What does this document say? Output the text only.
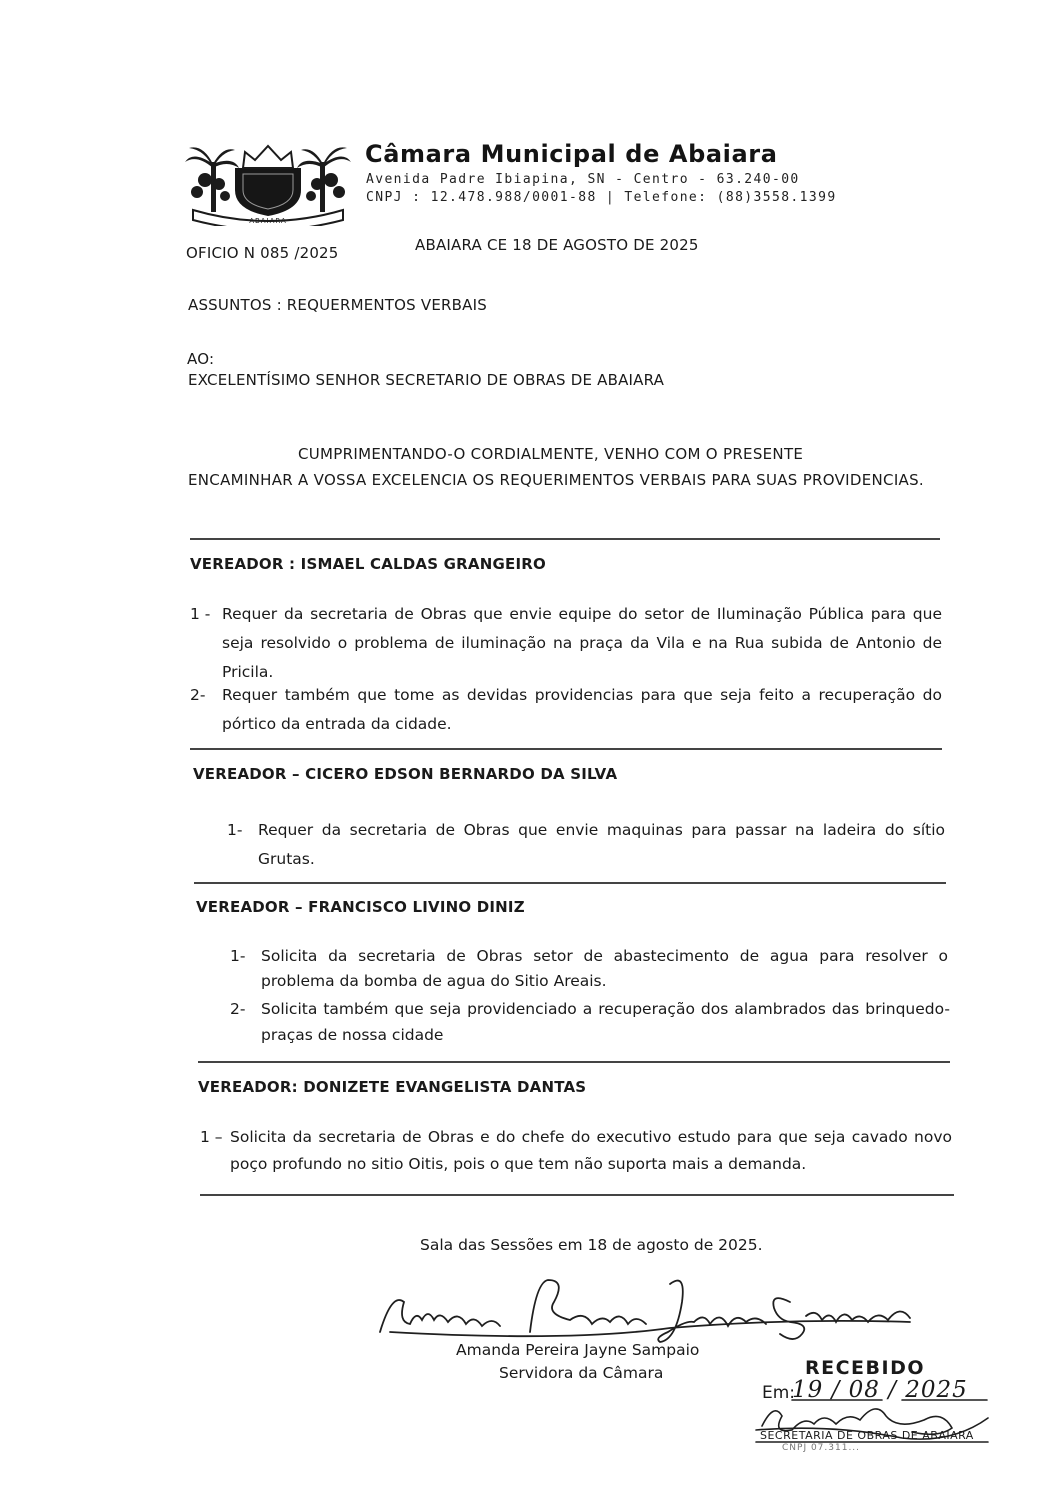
ABAIARA
Câmara Municipal de Abaiara
Avenida Padre Ibiapina, SN - Centro - 63.240-00
CNPJ : 12.478.988/0001-88 | Telefone: (88)3558.1399
OFICIO N 085 /2025	ABAIARA CE 18 DE AGOSTO DE 2025
ASSUNTOS : REQUERMENTOS VERBAIS
AO:
EXCELENTÍSIMO SENHOR SECRETARIO DE OBRAS DE ABAIARA
CUMPRIMENTANDO-O CORDIALMENTE, VENHO COM O PRESENTE
ENCAMINHAR A VOSSA EXCELENCIA OS REQUERIMENTOS VERBAIS PARA SUAS PROVIDENCIAS.
VEREADOR : ISMAEL CALDAS GRANGEIRO
1 - Requer da secretaria de Obras que envie equipe do setor de Iluminação Pública para que seja resolvido o problema de iluminação na praça da Vila e na Rua subida de Antonio de Pricila.
2-	Requer também que tome as devidas providencias para que seja feito a recuperação do pórtico da entrada da cidade.
VEREADOR – CICERO EDSON BERNARDO DA SILVA
1-	Requer da secretaria de Obras que envie maquinas para passar na ladeira do sítio Grutas.
VEREADOR – FRANCISCO LIVINO DINIZ
1-	Solicita da secretaria de Obras setor de abastecimento de agua para resolver o problema da bomba de agua do Sitio Areais.
2-	Solicita também que seja providenciado a recuperação dos alambrados das brinquedo-praças de nossa cidade
VEREADOR: DONIZETE EVANGELISTA DANTAS
1 – Solicita da secretaria de Obras e do chefe do executivo estudo para que seja cavado novo poço profundo no sitio Oitis, pois o que tem não suporta mais a demanda.
Sala das Sessões em 18 de agosto de 2025.
Amanda Pereira Jayne Sampaio
Servidora da Câmara	RECEBIDO
Em:
19 / 08 / 2025
SECRETARIA DE OBRAS DE ABAIARA
CNPJ 07.311...
